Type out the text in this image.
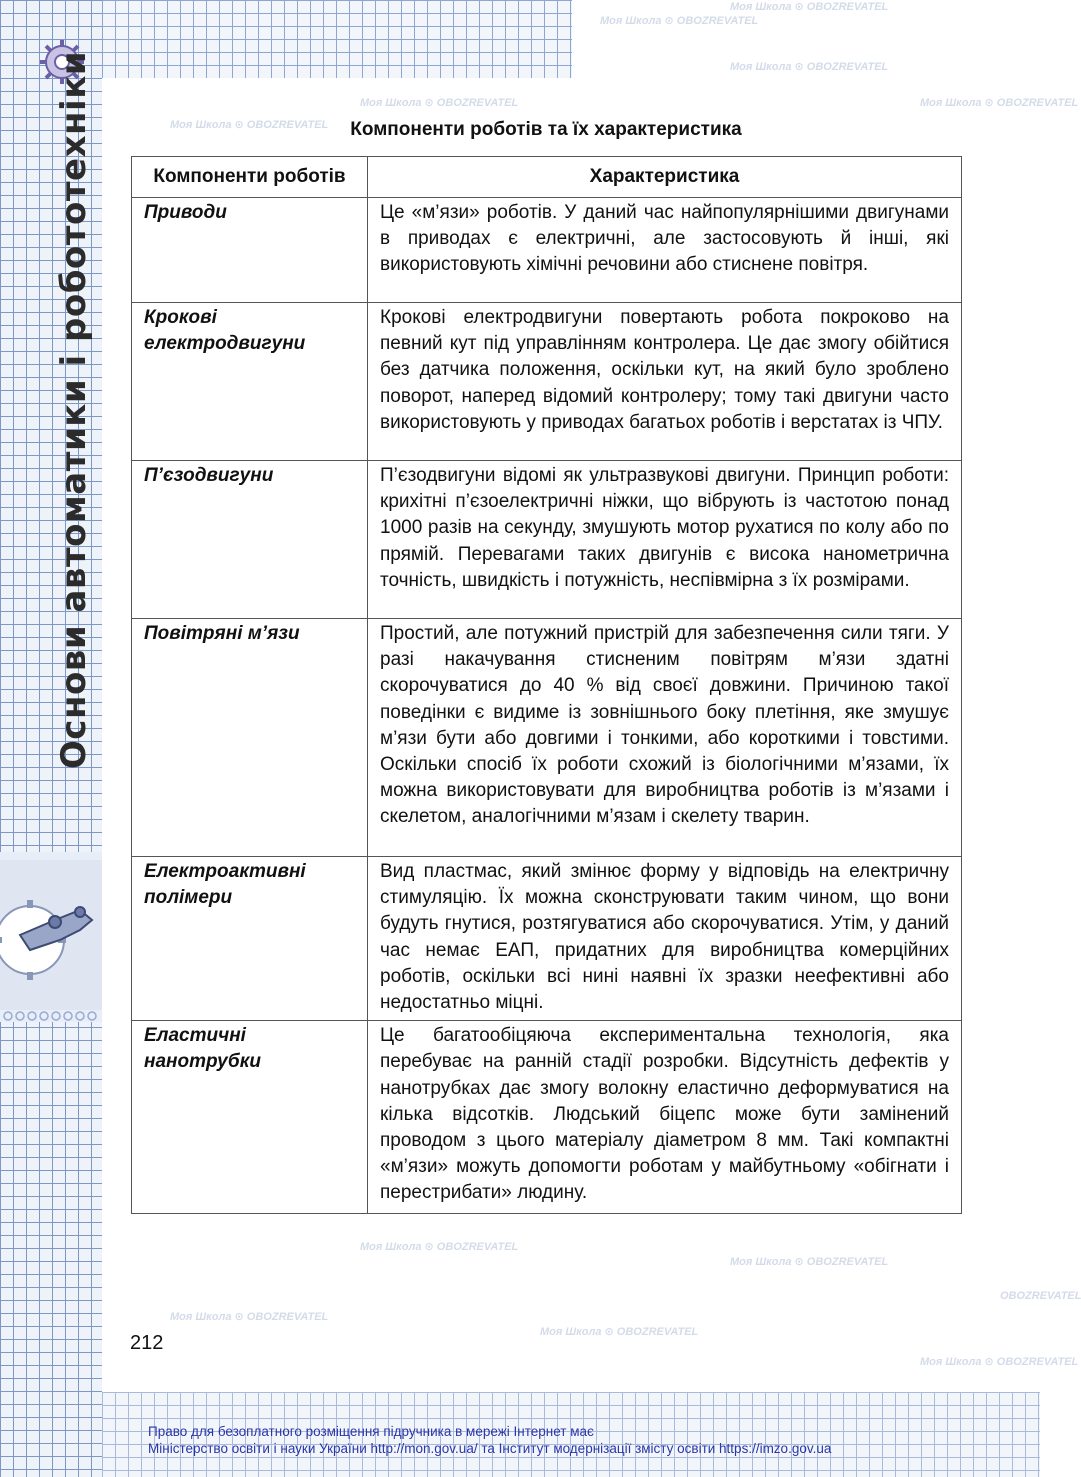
Основи автоматики і робототехніки
Моя Школа ⊙ OBOZREVATEL
Моя Школа ⊙ OBOZREVATEL
Моя Школа ⊙ OBOZREVATEL	Моя Школа ⊙ OBOZREVATEL
Моя Школа ⊙ OBOZREVATEL
Моя Школа ⊙ OBOZREVATEL
OBOZREVATEL
Моя Школа ⊙ OBOZREVATEL
Моя Школа ⊙ OBOZREVATEL
Моя Школа ⊙ OBOZREVATEL
Моя Школа ⊙ OBOZREVATEL
Моя Школа ⊙ OBOZREVATEL
Компоненти роботів та їх характеристика
Компоненти роботів	Характеристика
Приводи	Це «м’язи» роботів. У даний час найпопулярнішими двигунами в приводах є електричні, але застосовують й інші, які використовують хімічні речовини або стиснене повітря.
Крокові електродвигуни	Крокові електродвигуни повертають робота покроково на певний кут під управлінням контролера. Це дає змогу обійтися без датчика положення, оскільки кут, на який було зроблено поворот, наперед відомий контролеру; тому такі двигуни часто використовують у приводах багатьох роботів і верстатах із ЧПУ.
П’єзодвигуни	П’єзодвигуни відомі як ультразвукові двигуни. Принцип роботи: крихітні п’єзоелектричні ніжки, що вібрують із частотою понад 1000 разів на секунду, змушують мотор рухатися по колу або по прямій. Перевагами таких двигунів є висока нанометрична точність, швидкість і потужність, неспівмірна з їх розмірами.
Повітряні м’язи	Простий, але потужний пристрій для забезпечення сили тяги. У разі накачування стисненим повітрям м’язи здатні скорочуватися до 40 % від своєї довжини. Причиною такої поведінки є видиме із зовнішнього боку плетіння, яке змушує м’язи бути або довгими і тонкими, або короткими і товстими. Оскільки спосіб їх роботи схожий із біологічними м’язами, їх можна використовувати для виробництва роботів із м’язами і скелетом, аналогічними м’язам і скелету тварин.
Електроактивні полімери	Вид пластмас, який змінює форму у відповідь на електричну стимуляцію. Їх можна сконструювати таким чином, що вони будуть гнутися, розтягуватися або скорочуватися. Утім, у даний час немає ЕАП, придатних для виробництва комерційних роботів, оскільки всі нині наявні їх зразки неефективні або недостатньо міцні.
Еластичні нанотрубки	Це багатообіцяюча експериментальна технологія, яка перебуває на ранній стадії розробки. Відсутність дефектів у нанотрубках дає змогу волокну еластично деформуватися на кілька відсотків. Людський біцепс може бути замінений проводом з цього матеріалу діаметром 8 мм. Такі компактні «м’язи» можуть допомогти роботам у майбутньому «обігнати і перестрибати» людину.
212
Право для безоплатного розміщення підручника в мережі Інтернет має
Міністерство освіти і науки України http://mon.gov.ua/ та Інститут модернізації змісту освіти https://imzo.gov.ua
